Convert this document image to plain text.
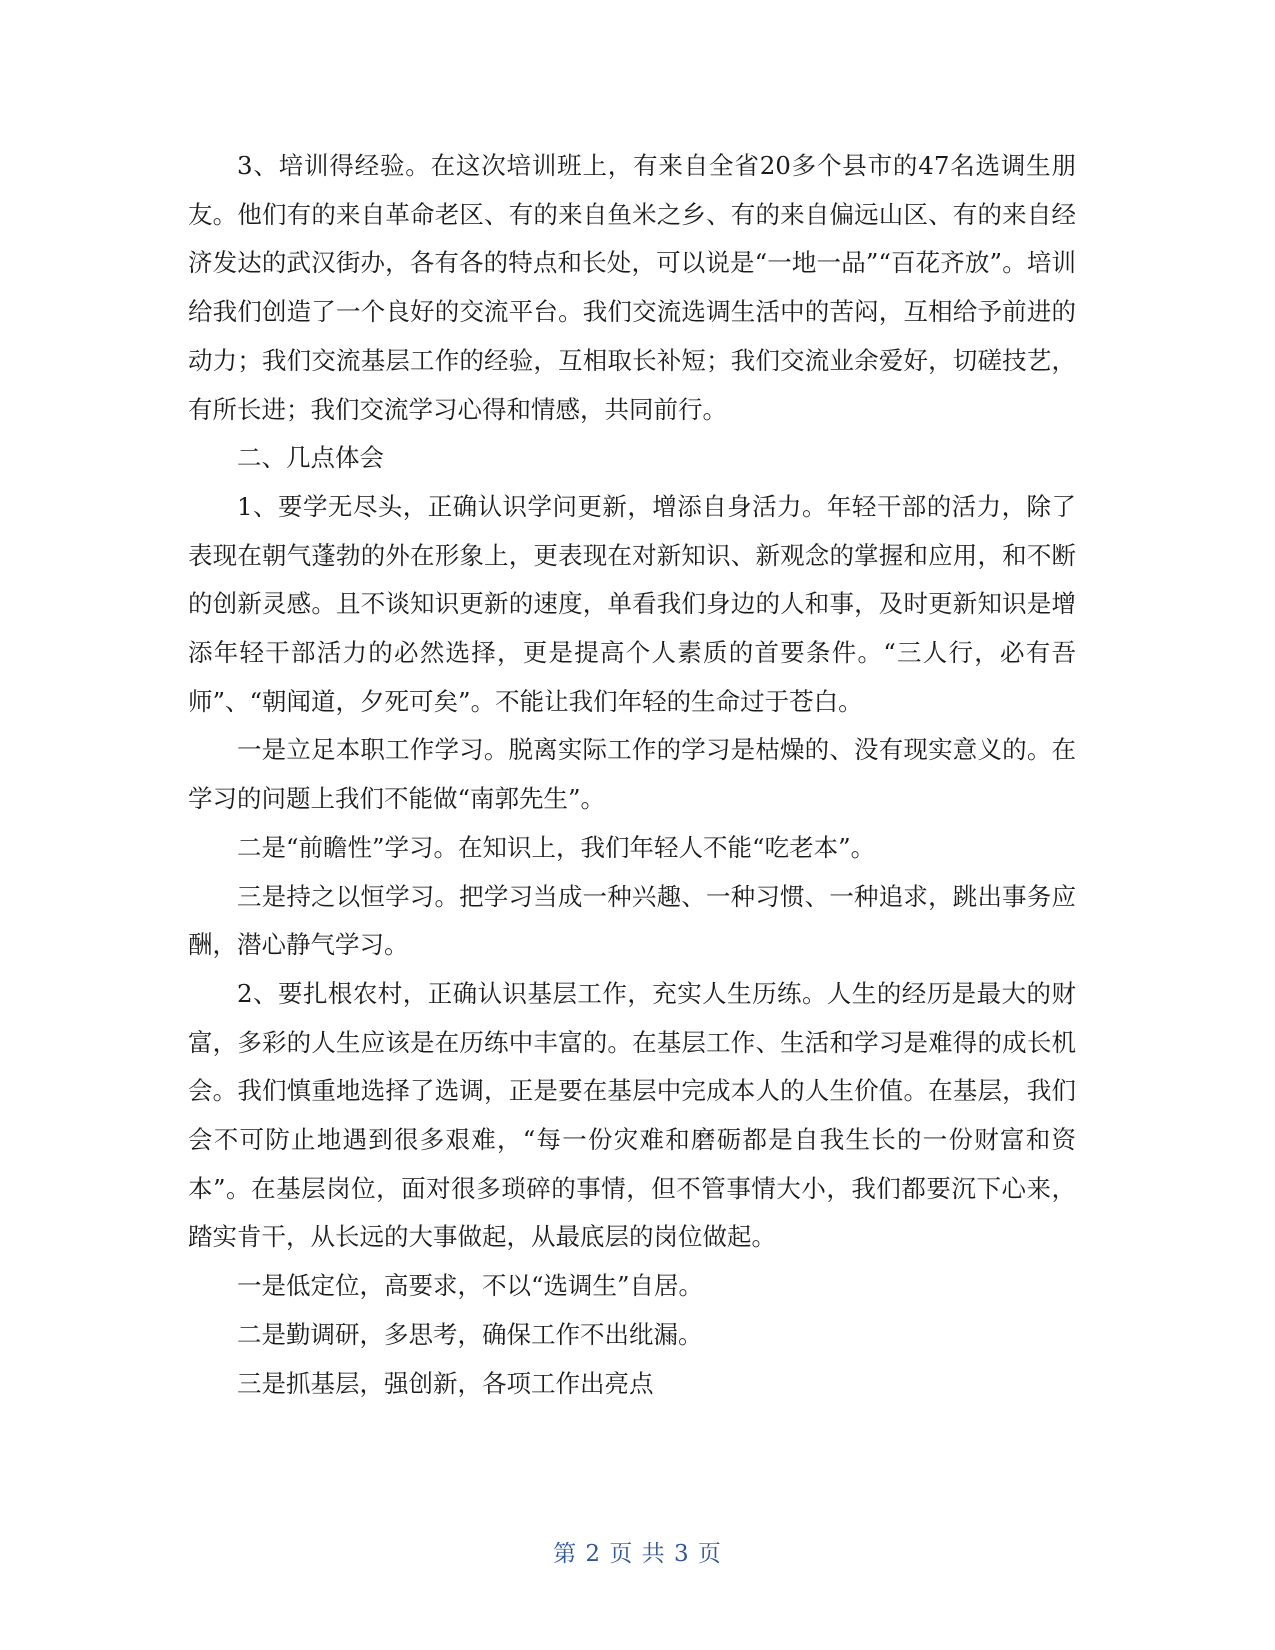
3、培训得经验。在这次培训班上，有来自全省20多个县市的47名选调生朋友。他们有的来自革命老区、有的来自鱼米之乡、有的来自偏远山区、有的来自经济发达的武汉街办，各有各的特点和长处，可以说是“一地一品”“百花齐放”。培训给我们创造了一个良好的交流平台。我们交流选调生活中的苦闷，互相给予前进的动力；我们交流基层工作的经验，互相取长补短；我们交流业余爱好，切磋技艺，有所长进；我们交流学习心得和情感，共同前行。

二、几点体会

1、要学无尽头，正确认识学问更新，增添自身活力。年轻干部的活力，除了表现在朝气蓬勃的外在形象上，更表现在对新知识、新观念的掌握和应用，和不断的创新灵感。且不谈知识更新的速度，单看我们身边的人和事，及时更新知识是增添年轻干部活力的必然选择，更是提高个人素质的首要条件。“三人行，必有吾师”、“朝闻道，夕死可矣”。不能让我们年轻的生命过于苍白。

一是立足本职工作学习。脱离实际工作的学习是枯燥的、没有现实意义的。在学习的问题上我们不能做“南郭先生”。

二是“前瞻性”学习。在知识上，我们年轻人不能“吃老本”。

三是持之以恒学习。把学习当成一种兴趣、一种习惯、一种追求，跳出事务应酬，潜心静气学习。

2、要扎根农村，正确认识基层工作，充实人生历练。人生的经历是最大的财富，多彩的人生应该是在历练中丰富的。在基层工作、生活和学习是难得的成长机会。我们慎重地选择了选调，正是要在基层中完成本人的人生价值。在基层，我们会不可防止地遇到很多艰难，“每一份灾难和磨砺都是自我生长的一份财富和资本”。在基层岗位，面对很多琐碎的事情，但不管事情大小，我们都要沉下心来，踏实肯干，从长远的大事做起，从最底层的岗位做起。

一是低定位，高要求，不以“选调生”自居。

二是勤调研，多思考，确保工作不出纰漏。

三是抓基层，强创新，各项工作出亮点

第 2 页 共 3 页
